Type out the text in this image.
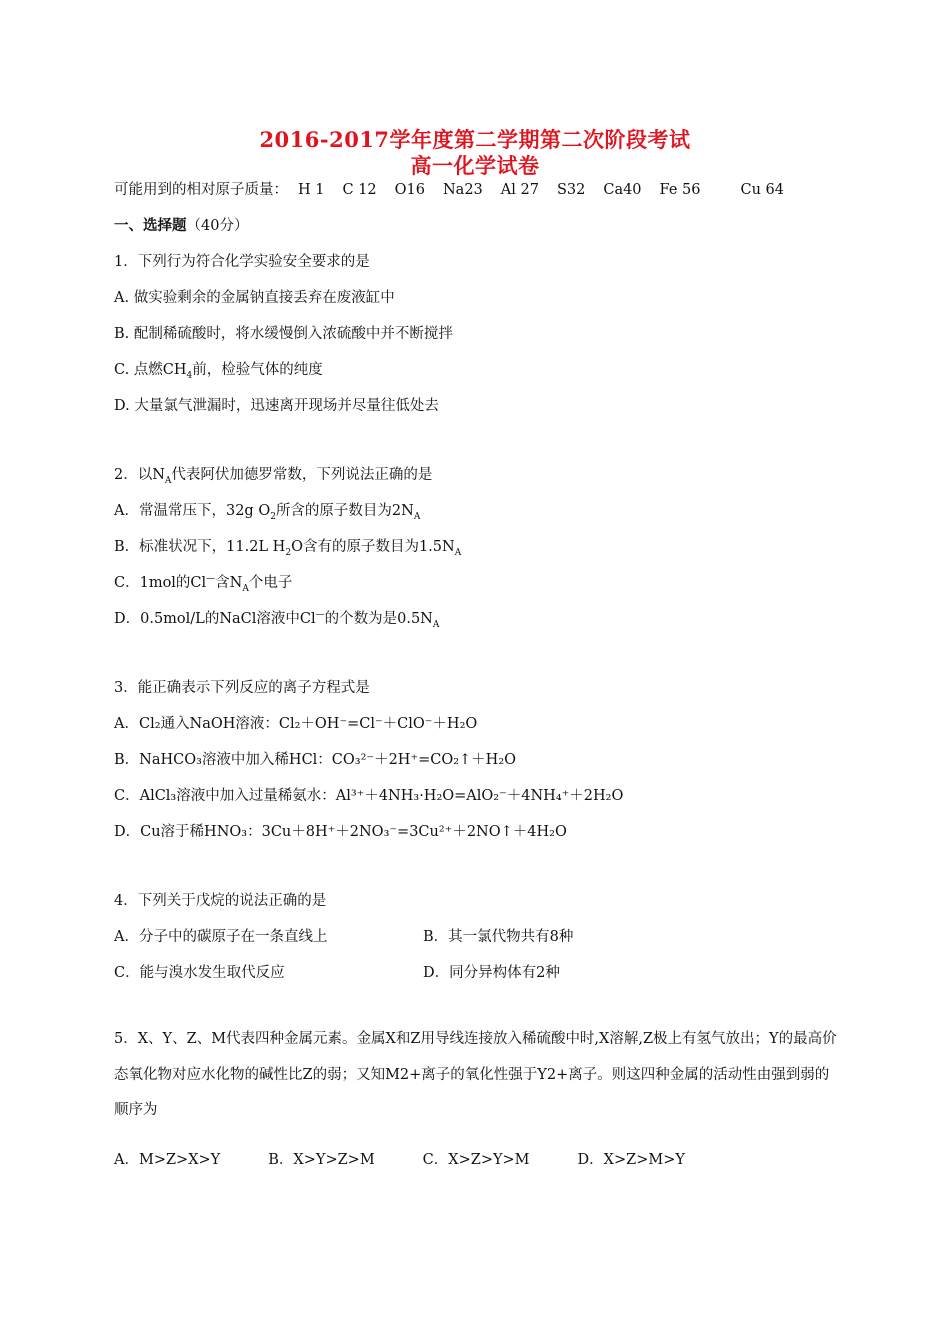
2016-2017学年度第二学期第二次阶段考试
高一化学试卷
可能用到的相对原子质量： H 1 C 12 O16 Na23 Al 27 S32 Ca40 Fe 56	Cu 64
一、选择题（40分）
1．下列行为符合化学实验安全要求的是
A. 做实验剩余的金属钠直接丢弃在废液缸中
B. 配制稀硫酸时，将水缓慢倒入浓硫酸中并不断搅拌
C. 点燃$CH_4$前，检验气体的纯度
D. 大量氯气泄漏时，迅速离开现场并尽量往低处去
2．以$N_A$代表阿伏加德罗常数，下列说法正确的是
A．常温常压下，32g $O_2$所含的原子数目为$2N_A$
B．标准状况下，11.2L $H_2O$含有的原子数目为$1.5N_A$
C．1mol的Cl—含$N_A$个电子
D．0.5mol/L的NaCl溶液中Cl—的个数为是$0.5N_A$
3．能正确表示下列反应的离子方程式是
A．Cl₂通入NaOH溶液：Cl₂＋OH⁻=Cl⁻＋ClO⁻＋H₂O
B．NaHCO₃溶液中加入稀HCl：CO₃²⁻＋2H⁺=CO₂↑＋H₂O
C．AlCl₃溶液中加入过量稀氨水：Al³⁺＋4NH₃·H₂O=AlO₂⁻＋4NH₄⁺＋2H₂O
D．Cu溶于稀HNO₃：3Cu＋8H⁺＋2NO₃⁻=3Cu²⁺＋2NO↑＋4H₂O
4．下列关于戊烷的说法正确的是
A．分子中的碳原子在一条直线上	B．其一氯代物共有8种
C．能与溴水发生取代反应	D．同分异构体有2种
5．X、Y、Z、M代表四种金属元素。金属X和Z用导线连接放入稀硫酸中时,X溶解,Z极上有氢气放出；Y的最高价态氧化物对应水化物的碱性比Z的弱；又知M2+离子的氧化性强于Y2+离子。则这四种金属的活动性由强到弱的顺序为
A．M>Z>X>Y	B．X>Y>Z>M	C．X>Z>Y>M	D．X>Z>M>Y
